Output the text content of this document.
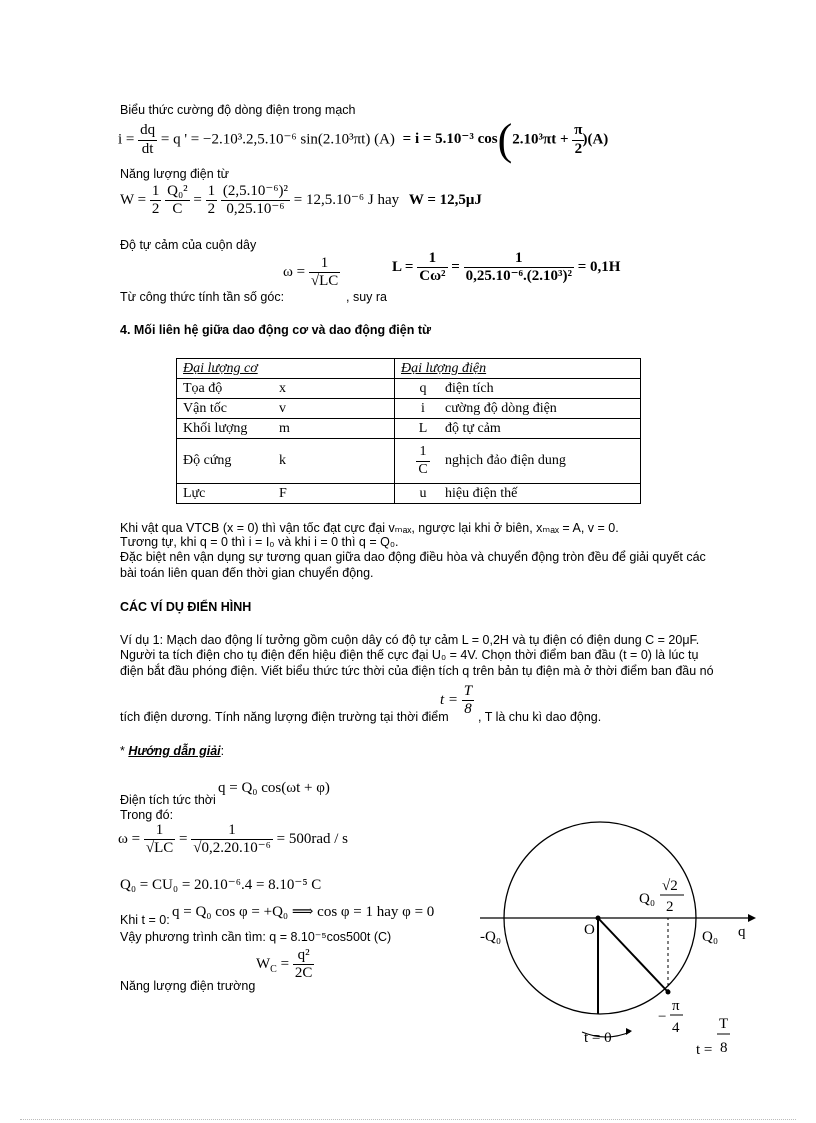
Biểu thức cường độ dòng điện trong mạch
$i = \frac{dq}{dt} = q$ ' = −2.10³.2,5.10⁻⁶ sin(2.10³πt) (A) = i = 5.10⁻³ $\cos(2.10^3\pi t + \frac{\pi}{2}$
)(A)
Năng lượng điện từ
$W = \frac{1}{2}$
$\frac{\text{Q₀²}}{C} = \frac{1}{2}$
$\frac{\text{(2,5.10⁻⁶)²}}{\text{0,25.10⁻⁶}} = 12,5.10^{-6}$ J hay W = 12,5μJ
Độ tự cảm của cuộn dây
$\omega = \frac{1}{√LC}$
Từ công thức tính tần số góc:	, suy ra
$L = \frac{1}{\text{Cω²}} = \frac{1}{\text{0,25.10⁻⁶.(2.10³)²}} = 0,1H$
4. Mối liên hệ giữa dao động cơ và dao động điện từ
Đại lượng cơ	Đại lượng điện
Tọa độ x	q điện tích
Vận tốc v	i cường độ dòng điện
Khối lượng m	L độ tự cảm
Độ cứng k	$\frac{1}{C}$ nghịch đảo điện dung
Lực F	u hiệu điện thế
Khi vật qua VTCB (x = 0) thì vận tốc đạt cực đại vₘₐₓ, ngược lại khi ở biên, xₘₐₓ = A, v = 0.
Tương tự, khi q = 0 thì i = I₀ và khi i = 0 thì q = Q₀.
Đặc biệt nên vận dụng sự tương quan giữa dao động điều hòa và chuyển động tròn đều để giải quyết các
bài toán liên quan đến thời gian chuyển động.
CÁC VÍ DỤ ĐIỂN HÌNH
Ví dụ 1: Mạch dao động lí tưởng gồm cuộn dây có độ tự cảm L = 0,2H và tụ điện có điện dung C = 20μF.
Người ta tích điện cho tụ điện đến hiệu điện thế cực đại U₀ = 4V. Chọn thời điểm ban đầu (t = 0) là lúc tụ
điện bắt đầu phóng điện. Viết biểu thức tức thời của điện tích q trên bản tụ điện mà ở thời điểm ban đầu nó
tích điện dương. Tính năng lượng điện trường tại thời điểm
$t = \frac{T}{8}$ , T là chu kì dao động.
* Hướng dẫn giải:
Điện tích tức thời
q = Q₀ cos(ωt + φ)
Trong đó:
$\omega = \frac{1}{√LC} = \frac{1}{\text{√0,2.20.10⁻⁶}} = 500rad / s$
Q₀ = CU₀ = 20.10⁻⁶.4 = 8.10⁻⁵ C
Khi t = 0: q = Q₀ cos φ = +Q₀ ⟹ cos φ = 1 hay φ = 0
Vậy phương trình cần tìm: q = 8.10⁻⁵cos500t (C)
$W_C = \frac{\text{q²}}{2C}$
Năng lượng điện trường
Q₀
√2
2
-Q₀	O	Q₀ q
−
π
4
t = 0
t =
T
8
